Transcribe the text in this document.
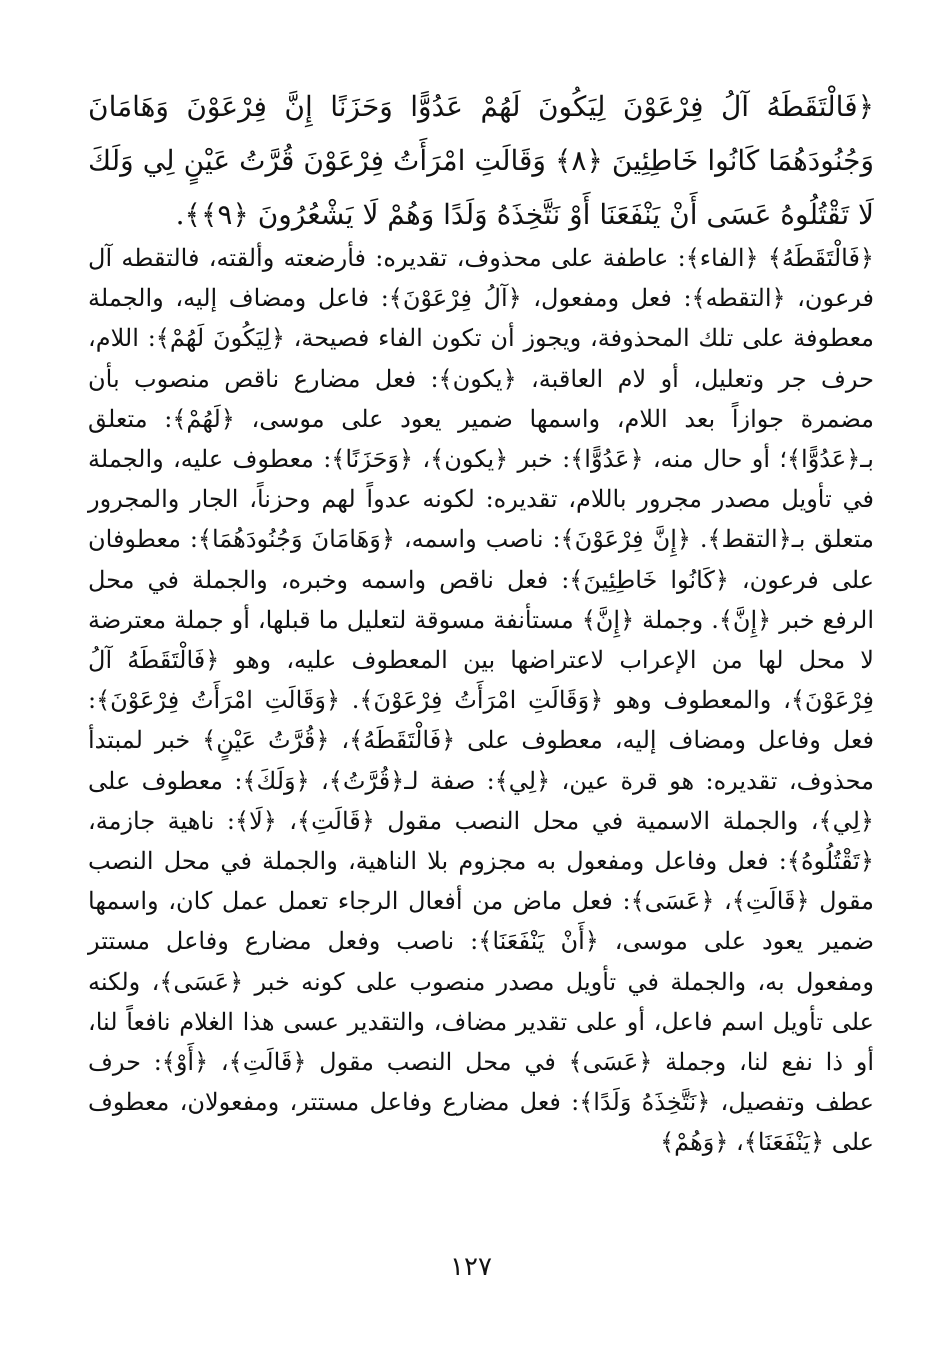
﴿فَالْتَقَطَهُ آلُ فِرْعَوْنَ لِيَكُونَ لَهُمْ عَدُوًّا وَحَزَنًا إِنَّ فِرْعَوْنَ وَهَامَانَ وَجُنُودَهُمَا كَانُوا خَاطِئِينَ ﴿٨﴾ وَقَالَتِ امْرَأَتُ فِرْعَوْنَ قُرَّتُ عَيْنٍ لِي وَلَكَ لَا تَقْتُلُوهُ عَسَى أَنْ يَنْفَعَنَا أَوْ نَتَّخِذَهُ وَلَدًا وَهُمْ لَا يَشْعُرُونَ ﴿٩﴾﴾.

﴿فَالْتَقَطَهُ﴾ ﴿الفاء﴾: عاطفة على محذوف، تقديره: فأرضعته وألقته، فالتقطه آل فرعون، ﴿التقطه﴾: فعل ومفعول، ﴿آلُ فِرْعَوْنَ﴾: فاعل ومضاف إليه، والجملة معطوفة على تلك المحذوفة، ويجوز أن تكون الفاء فصيحة، ﴿لِيَكُونَ لَهُمْ﴾: اللام، حرف جر وتعليل، أو لام العاقبة، ﴿يكون﴾: فعل مضارع ناقص منصوب بأن مضمرة جوازاً بعد اللام، واسمها ضمير يعود على موسى، ﴿لَهُمْ﴾: متعلق بـ﴿عَدُوًّا﴾؛ أو حال منه، ﴿عَدُوًّا﴾: خبر ﴿يكون﴾، ﴿وَحَزَنًا﴾: معطوف عليه، والجملة في تأويل مصدر مجرور باللام، تقديره: لكونه عدواً لهم وحزناً، الجار والمجرور متعلق بـ﴿التقط﴾. ﴿إِنَّ فِرْعَوْنَ﴾: ناصب واسمه، ﴿وَهَامَانَ وَجُنُودَهُمَا﴾: معطوفان على فرعون، ﴿كَانُوا خَاطِئِينَ﴾: فعل ناقص واسمه وخبره، والجملة في محل الرفع خبر ﴿إِنَّ﴾. وجملة ﴿إِنَّ﴾ مستأنفة مسوقة لتعليل ما قبلها، أو جملة معترضة لا محل لها من الإعراب لاعتراضها بين المعطوف عليه، وهو ﴿فَالْتَقَطَهُ آلُ فِرْعَوْنَ﴾، والمعطوف وهو ﴿وَقَالَتِ امْرَأَتُ فِرْعَوْنَ﴾. ﴿وَقَالَتِ امْرَأَتُ فِرْعَوْنَ﴾: فعل وفاعل ومضاف إليه، معطوف على ﴿فَالْتَقَطَهُ﴾، ﴿قُرَّتُ عَيْنٍ﴾ خبر لمبتدأ محذوف، تقديره: هو قرة عين، ﴿لِي﴾: صفة لـ﴿قُرَّتُ﴾، ﴿وَلَكَ﴾: معطوف على ﴿لِي﴾، والجملة الاسمية في محل النصب مقول ﴿قَالَتِ﴾، ﴿لَا﴾: ناهية جازمة، ﴿تَقْتُلُوهُ﴾: فعل وفاعل ومفعول به مجزوم بلا الناهية، والجملة في محل النصب مقول ﴿قَالَتِ﴾، ﴿عَسَى﴾: فعل ماض من أفعال الرجاء تعمل عمل كان، واسمها ضمير يعود على موسى، ﴿أَنْ يَنْفَعَنَا﴾: ناصب وفعل مضارع وفاعل مستتر ومفعول به، والجملة في تأويل مصدر منصوب على كونه خبر ﴿عَسَى﴾، ولكنه على تأويل اسم فاعل، أو على تقدير مضاف، والتقدير عسى هذا الغلام نافعاً لنا، أو ذا نفع لنا، وجملة ﴿عَسَى﴾ في محل النصب مقول ﴿قَالَتِ﴾، ﴿أَوْ﴾: حرف عطف وتفصيل، ﴿نَتَّخِذَهُ وَلَدًا﴾: فعل مضارع وفاعل مستتر، ومفعولان، معطوف على ﴿يَنْفَعَنَا﴾، ﴿وَهُمْ﴾

١٢٧
